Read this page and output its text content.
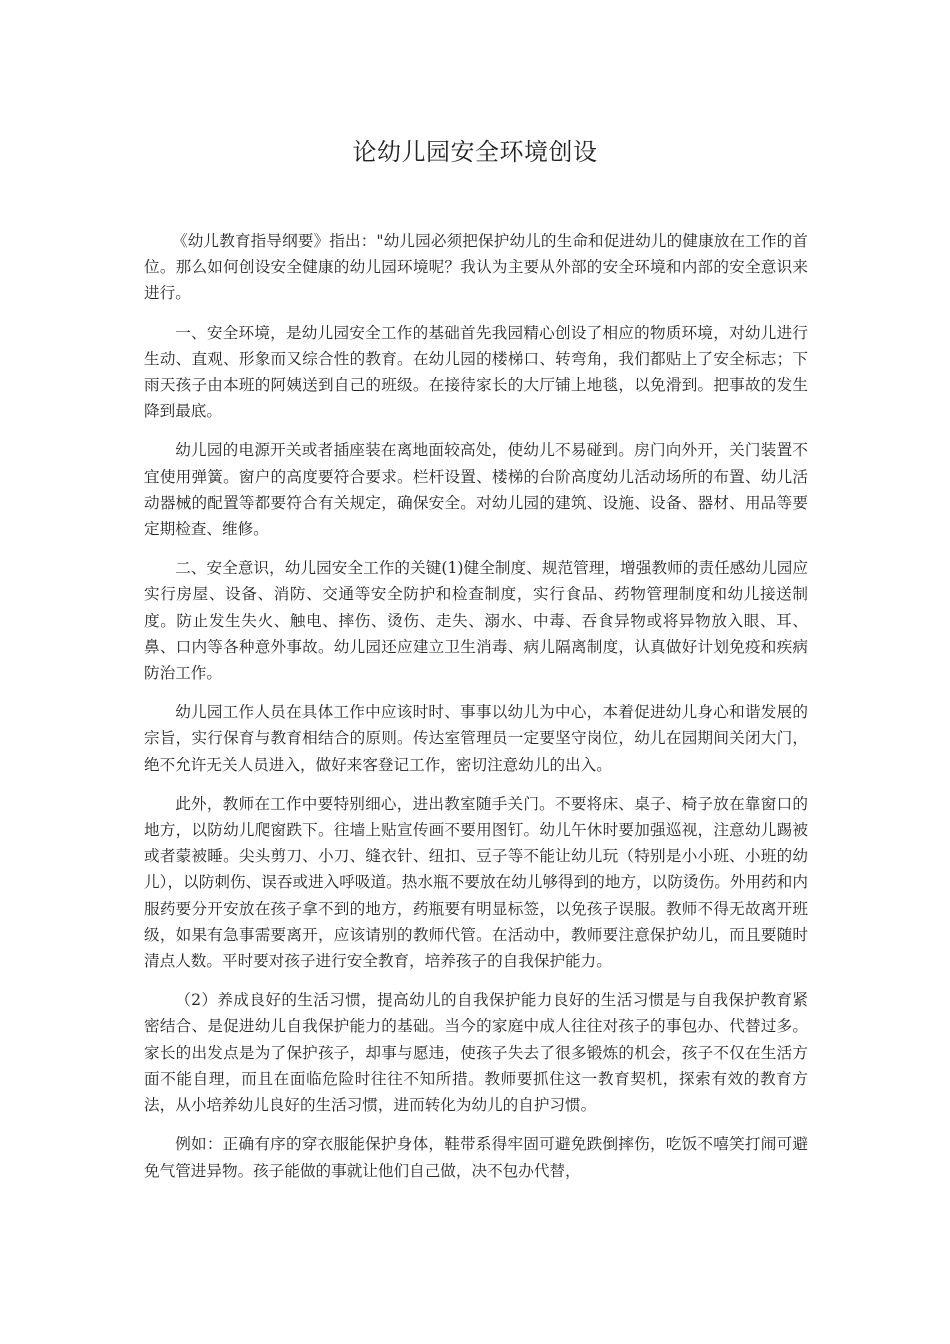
论幼儿园安全环境创设

《幼儿教育指导纲要》指出："幼儿园必须把保护幼儿的生命和促进幼儿的健康放在工作的首位。那么如何创设安全健康的幼儿园环境呢？我认为主要从外部的安全环境和内部的安全意识来进行。

一、安全环境，是幼儿园安全工作的基础首先我园精心创设了相应的物质环境，对幼儿进行生动、直观、形象而又综合性的教育。在幼儿园的楼梯口、转弯角，我们都贴上了安全标志；下雨天孩子由本班的阿姨送到自己的班级。在接待家长的大厅铺上地毯，以免滑到。把事故的发生降到最底。

幼儿园的电源开关或者插座装在离地面较高处，使幼儿不易碰到。房门向外开，关门装置不宜使用弹簧。窗户的高度要符合要求。栏杆设置、楼梯的台阶高度幼儿活动场所的布置、幼儿活动器械的配置等都要符合有关规定，确保安全。对幼儿园的建筑、设施、设备、器材、用品等要定期检查、维修。

二、安全意识，幼儿园安全工作的关键(1)健全制度、规范管理，增强教师的责任感幼儿园应实行房屋、设备、消防、交通等安全防护和检查制度，实行食品、药物管理制度和幼儿接送制度。防止发生失火、触电、摔伤、烫伤、走失、溺水、中毒、吞食异物或将异物放入眼、耳、鼻、口内等各种意外事故。幼儿园还应建立卫生消毒、病儿隔离制度，认真做好计划免疫和疾病防治工作。

幼儿园工作人员在具体工作中应该时时、事事以幼儿为中心，本着促进幼儿身心和谐发展的宗旨，实行保育与教育相结合的原则。传达室管理员一定要坚守岗位，幼儿在园期间关闭大门，绝不允许无关人员进入，做好来客登记工作，密切注意幼儿的出入。

此外，教师在工作中要特别细心，进出教室随手关门。不要将床、桌子、椅子放在靠窗口的地方，以防幼儿爬窗跌下。往墙上贴宣传画不要用图钉。幼儿午休时要加强巡视，注意幼儿踢被或者蒙被睡。尖头剪刀、小刀、缝衣针、纽扣、豆子等不能让幼儿玩（特别是小小班、小班的幼儿），以防刺伤、误吞或进入呼吸道。热水瓶不要放在幼儿够得到的地方，以防烫伤。外用药和内服药要分开安放在孩子拿不到的地方，药瓶要有明显标签，以免孩子误服。教师不得无故离开班级，如果有急事需要离开，应该请别的教师代管。在活动中，教师要注意保护幼儿，而且要随时清点人数。平时要对孩子进行安全教育，培养孩子的自我保护能力。

（2）养成良好的生活习惯，提高幼儿的自我保护能力良好的生活习惯是与自我保护教育紧密结合、是促进幼儿自我保护能力的基础。当今的家庭中成人往往对孩子的事包办、代替过多。家长的出发点是为了保护孩子，却事与愿违，使孩子失去了很多锻炼的机会，孩子不仅在生活方面不能自理，而且在面临危险时往往不知所措。教师要抓住这一教育契机，探索有效的教育方法，从小培养幼儿良好的生活习惯，进而转化为幼儿的自护习惯。

例如：正确有序的穿衣服能保护身体，鞋带系得牢固可避免跌倒摔伤，吃饭不嘻笑打闹可避免气管进异物。孩子能做的事就让他们自己做，决不包办代替，
